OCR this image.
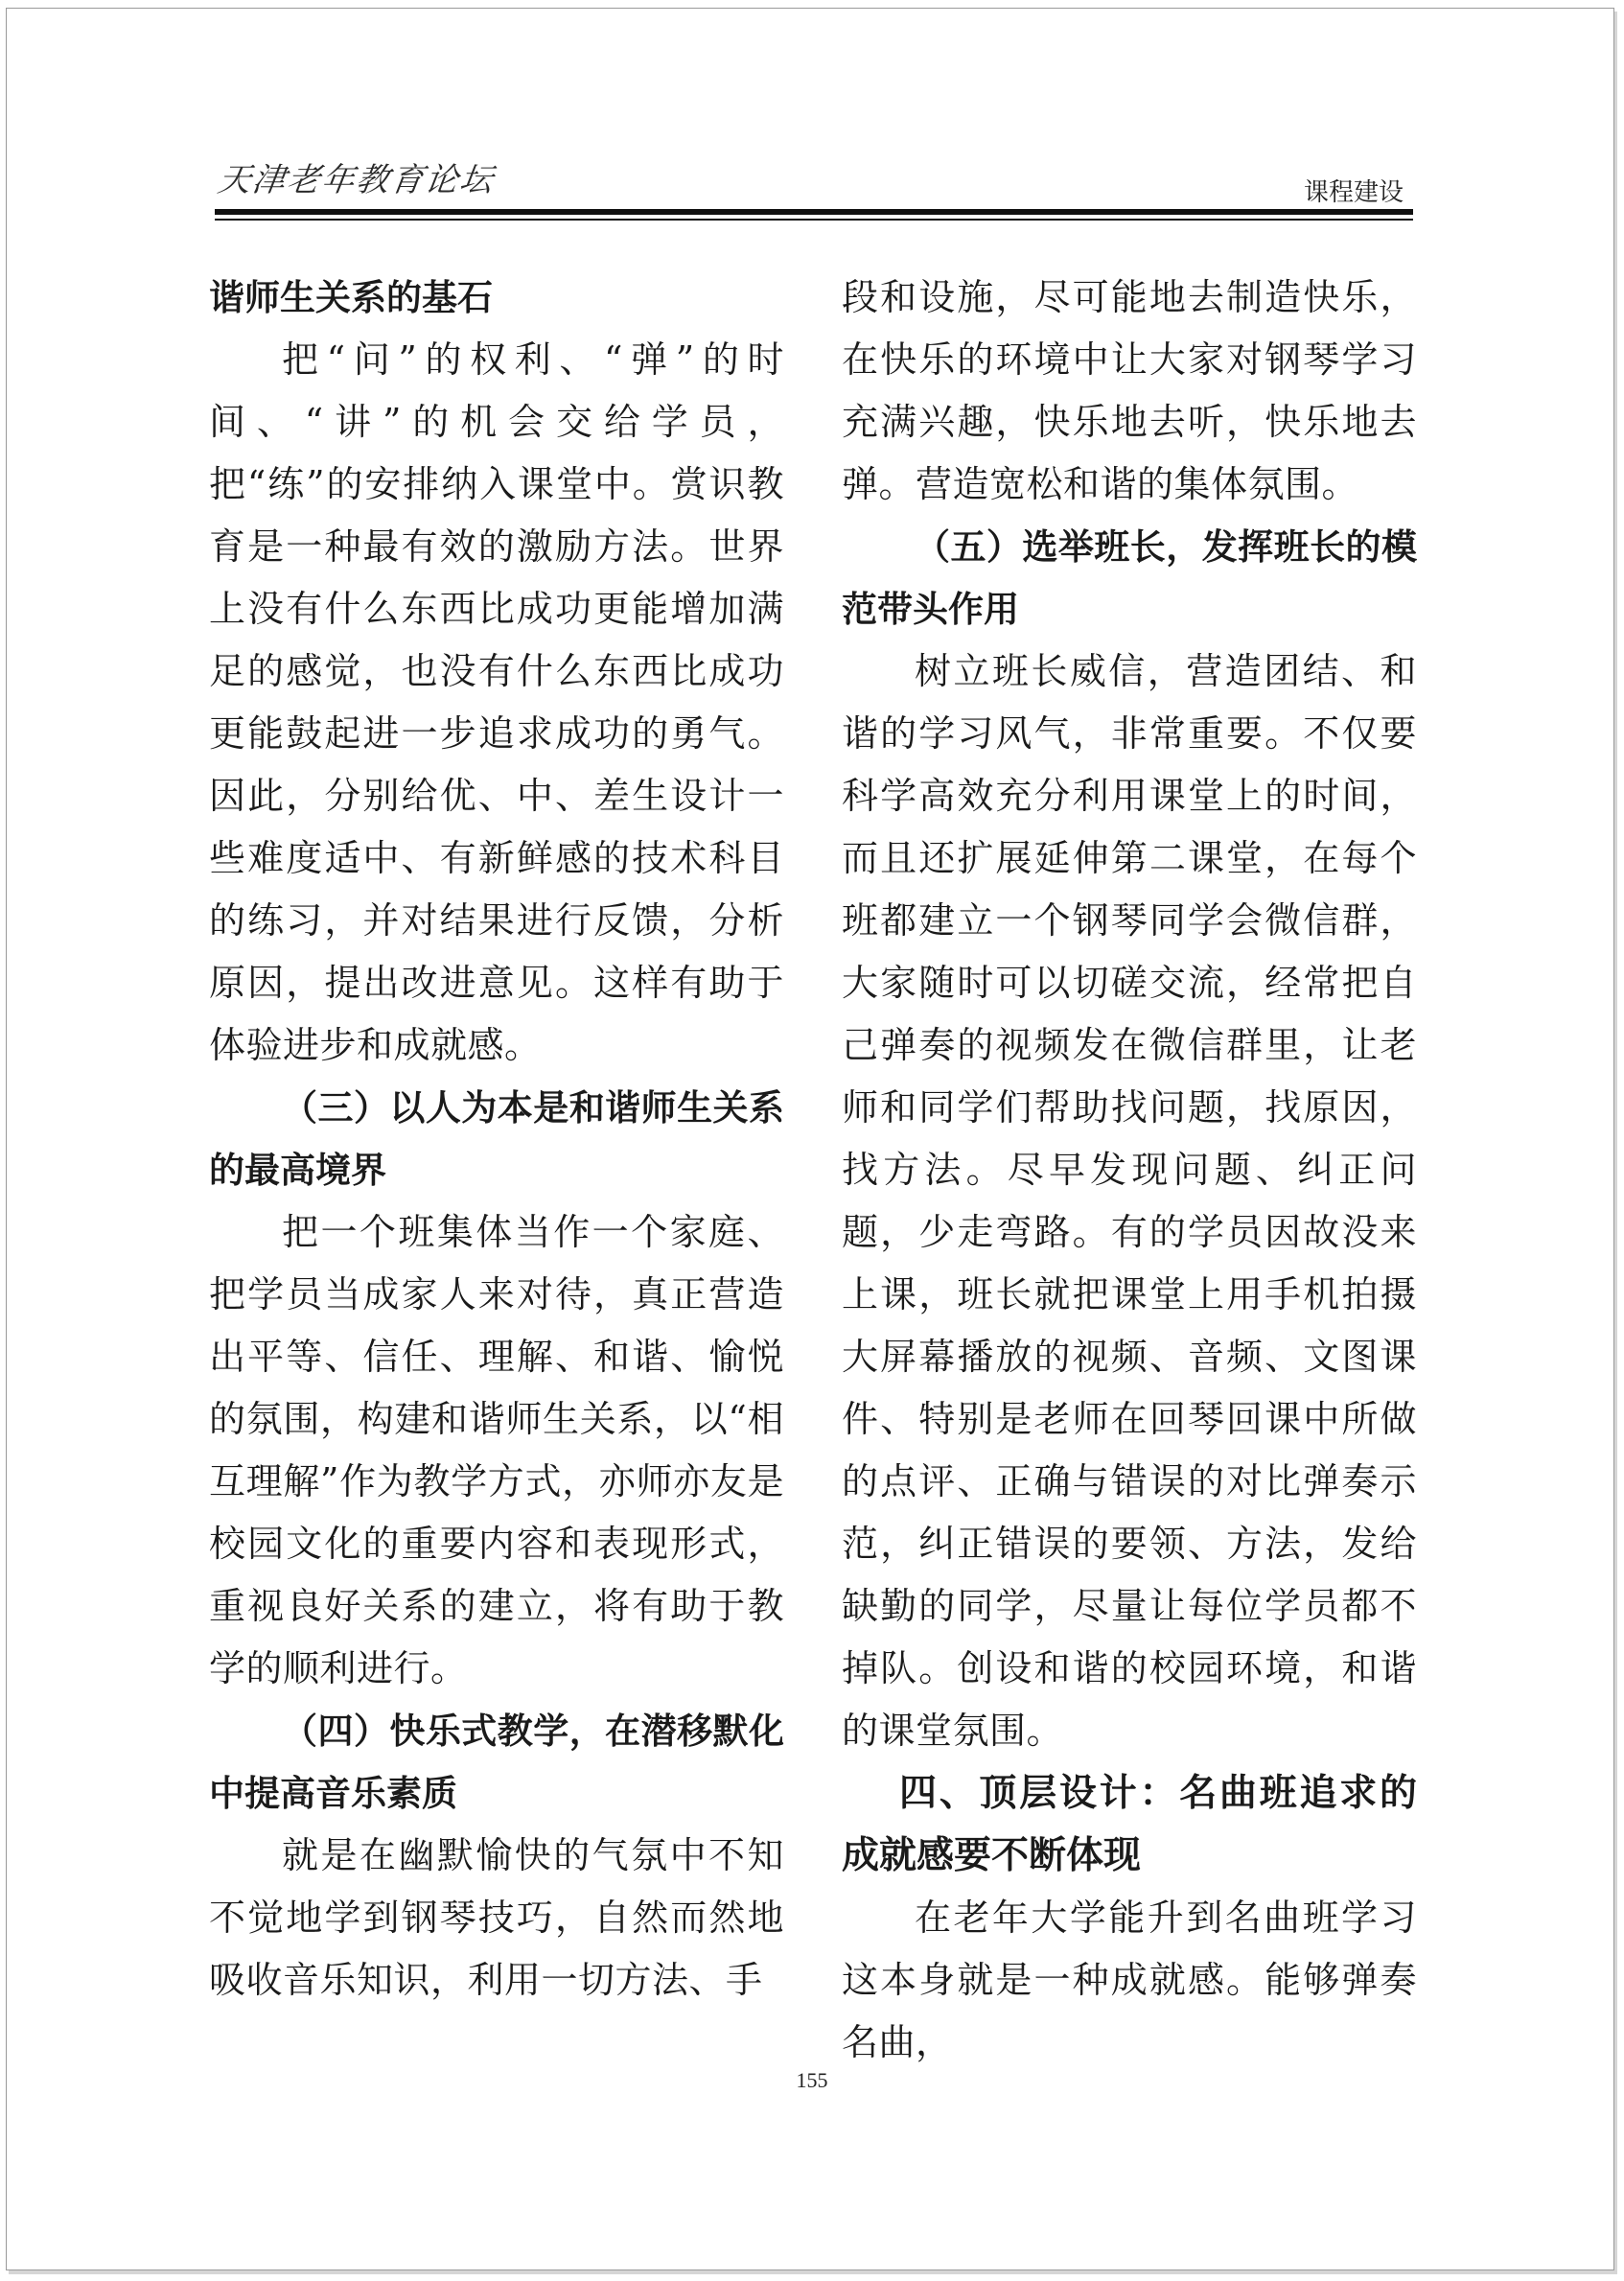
天津老年教育论坛	课程建设

谐师生关系的基石

把“问”的权利、“弹”的时间、“讲”的机会交给学员，把“练”的安排纳入课堂中。赏识教育是一种最有效的激励方法。世界上没有什么东西比成功更能增加满足的感觉，也没有什么东西比成功更能鼓起进一步追求成功的勇气。因此，分别给优、中、差生设计一些难度适中、有新鲜感的技术科目的练习，并对结果进行反馈，分析原因，提出改进意见。这样有助于体验进步和成就感。

（三）以人为本是和谐师生关系的最高境界

把一个班集体当作一个家庭、把学员当成家人来对待，真正营造出平等、信任、理解、和谐、愉悦的氛围，构建和谐师生关系，以“相互理解”作为教学方式，亦师亦友是校园文化的重要内容和表现形式，重视良好关系的建立，将有助于教学的顺利进行。

（四）快乐式教学，在潜移默化中提高音乐素质

就是在幽默愉快的气氛中不知不觉地学到钢琴技巧，自然而然地吸收音乐知识，利用一切方法、手

段和设施，尽可能地去制造快乐，在快乐的环境中让大家对钢琴学习充满兴趣，快乐地去听，快乐地去弹。营造宽松和谐的集体氛围。

（五）选举班长，发挥班长的模范带头作用

树立班长威信，营造团结、和谐的学习风气，非常重要。不仅要科学高效充分利用课堂上的时间，而且还扩展延伸第二课堂，在每个班都建立一个钢琴同学会微信群，大家随时可以切磋交流，经常把自己弹奏的视频发在微信群里，让老师和同学们帮助找问题，找原因，找方法。尽早发现问题、纠正问题，少走弯路。有的学员因故没来上课，班长就把课堂上用手机拍摄大屏幕播放的视频、音频、文图课件、特别是老师在回琴回课中所做的点评、正确与错误的对比弹奏示范，纠正错误的要领、方法，发给缺勤的同学，尽量让每位学员都不掉队。创设和谐的校园环境，和谐的课堂氛围。

四、顶层设计：名曲班追求的成就感要不断体现

在老年大学能升到名曲班学习这本身就是一种成就感。能够弹奏名曲，

155
